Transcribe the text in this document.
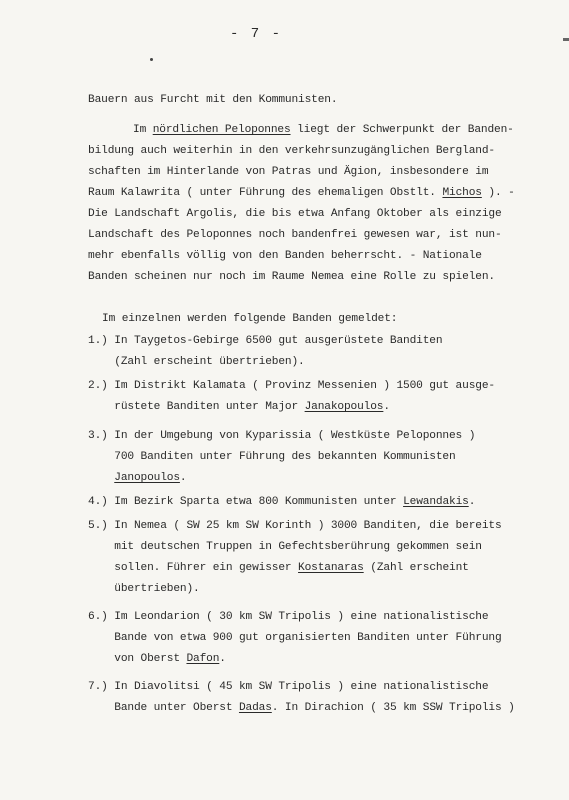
- 7 -
Bauern aus Furcht mit den Kommunisten.
Im nördlichen Peloponnes liegt der Schwerpunkt der Banden-
bildung auch weiterhin in den verkehrsunzugänglichen Bergland-
schaften im Hinterlande von Patras und Ägion, insbesondere im
Raum Kalawrita ( unter Führung des ehemaligen Obstlt. Michos ). -
Die Landschaft Argolis, die bis etwa Anfang Oktober als einzige
Landschaft des Peloponnes noch bandenfrei gewesen war, ist nun-
mehr ebenfalls völlig von den Banden beherrscht. - Nationale
Banden scheinen nur noch im Raume Nemea eine Rolle zu spielen.
Im einzelnen werden folgende Banden gemeldet:
1.) In Taygetos-Gebirge 6500 gut ausgerüstete Banditen
(Zahl erscheint übertrieben).
2.) Im Distrikt Kalamata ( Provinz Messenien ) 1500 gut ausge-
rüstete Banditen unter Major Janakopoulos.
3.) In der Umgebung von Kyparissia ( Westküste Peloponnes )
700 Banditen unter Führung des bekannten Kommunisten
Janopoulos.
4.) Im Bezirk Sparta etwa 800 Kommunisten unter Lewandakis.
5.) In Nemea ( SW 25 km SW Korinth ) 3000 Banditen, die bereits
mit deutschen Truppen in Gefechtsberührung gekommen sein
sollen. Führer ein gewisser Kostanaras (Zahl erscheint
übertrieben).
6.) Im Leondarion ( 30 km SW Tripolis ) eine nationalistische
Bande von etwa 900 gut organisierten Banditen unter Führung
von Oberst Dafon.
7.) In Diavolitsi ( 45 km SW Tripolis ) eine nationalistische
Bande unter Oberst Dadas. In Dirachion ( 35 km SSW Tripolis )
